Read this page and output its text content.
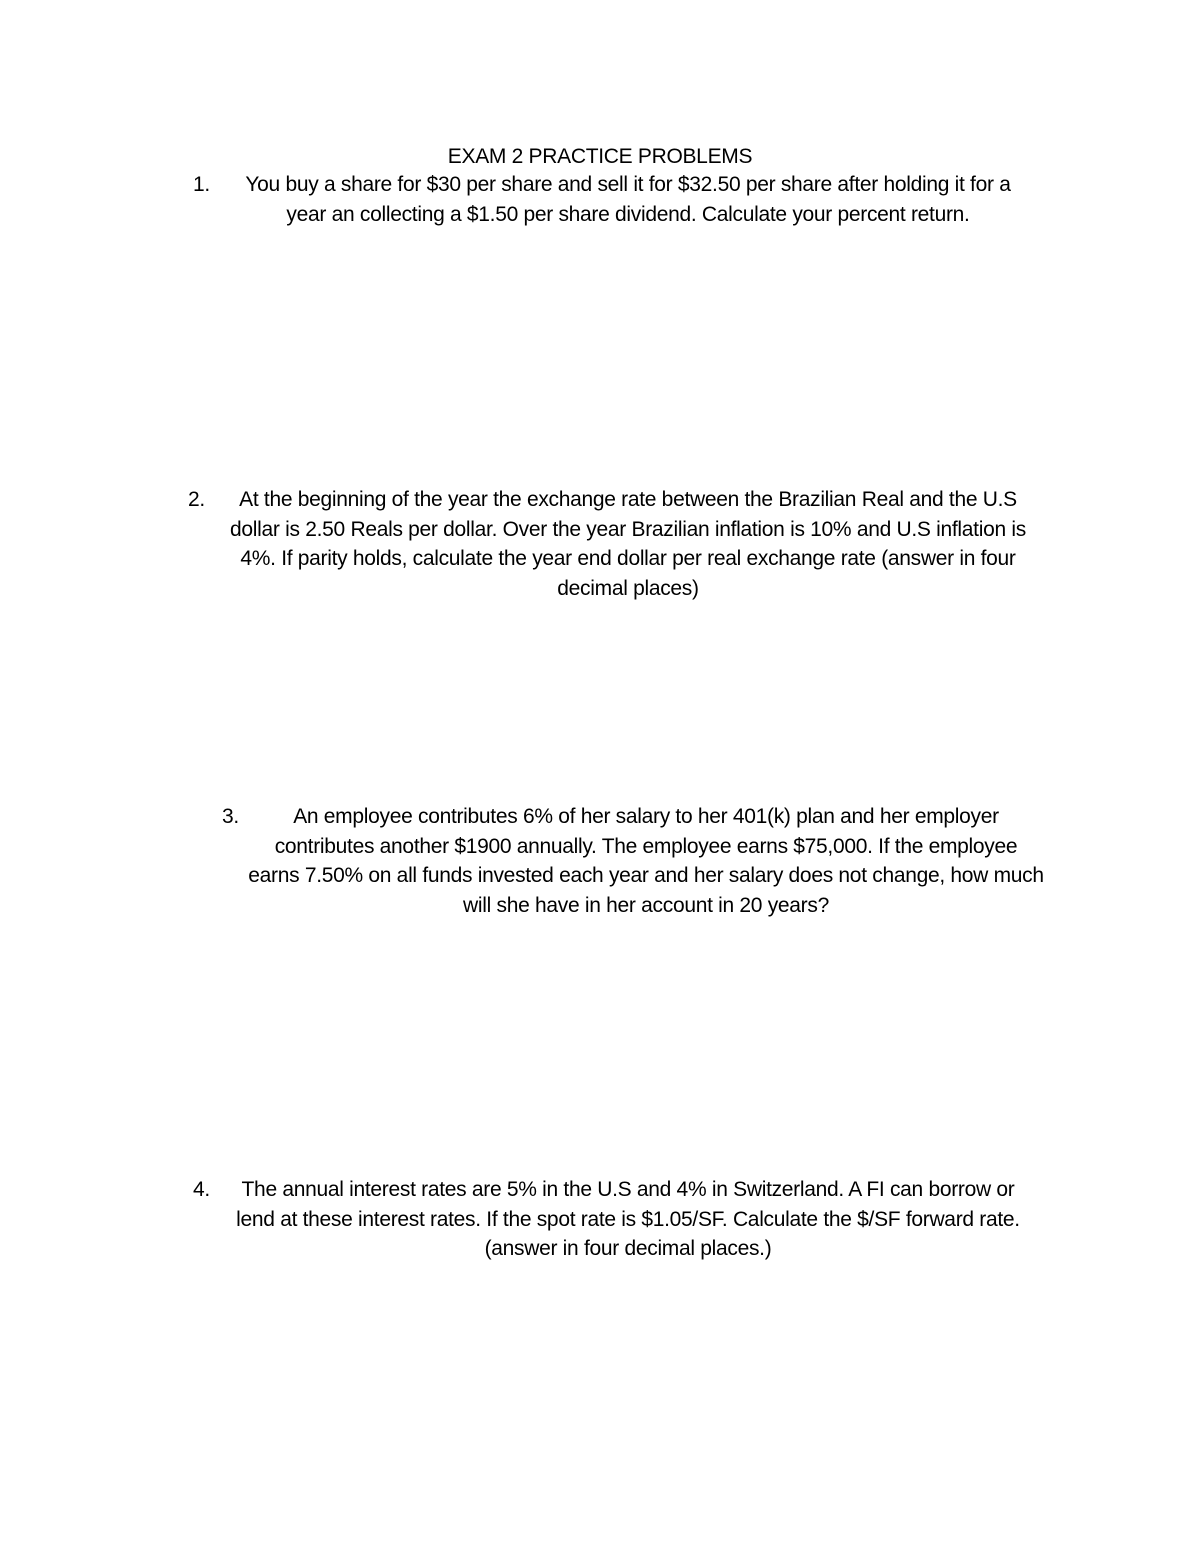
EXAM 2 PRACTICE PROBLEMS
1.	You buy a share for $30 per share and sell it for $32.50 per share after holding it for a
year an collecting a $1.50 per share dividend. Calculate your percent return.
2.	At the beginning of the year the exchange rate between the Brazilian Real and the U.S
dollar is 2.50 Reals per dollar. Over the year Brazilian inflation is 10% and U.S inflation is
4%. If parity holds, calculate the year end dollar per real exchange rate (answer in four
decimal places)
3.	An employee contributes 6% of her salary to her 401(k) plan and her employer
contributes another $1900 annually. The employee earns $75,000. If the employee
earns 7.50% on all funds invested each year and her salary does not change, how much
will she have in her account in 20 years?
4.	The annual interest rates are 5% in the U.S and 4% in Switzerland. A FI can borrow or
lend at these interest rates. If the spot rate is $1.05/SF. Calculate the $/SF forward rate.
(answer in four decimal places.)
